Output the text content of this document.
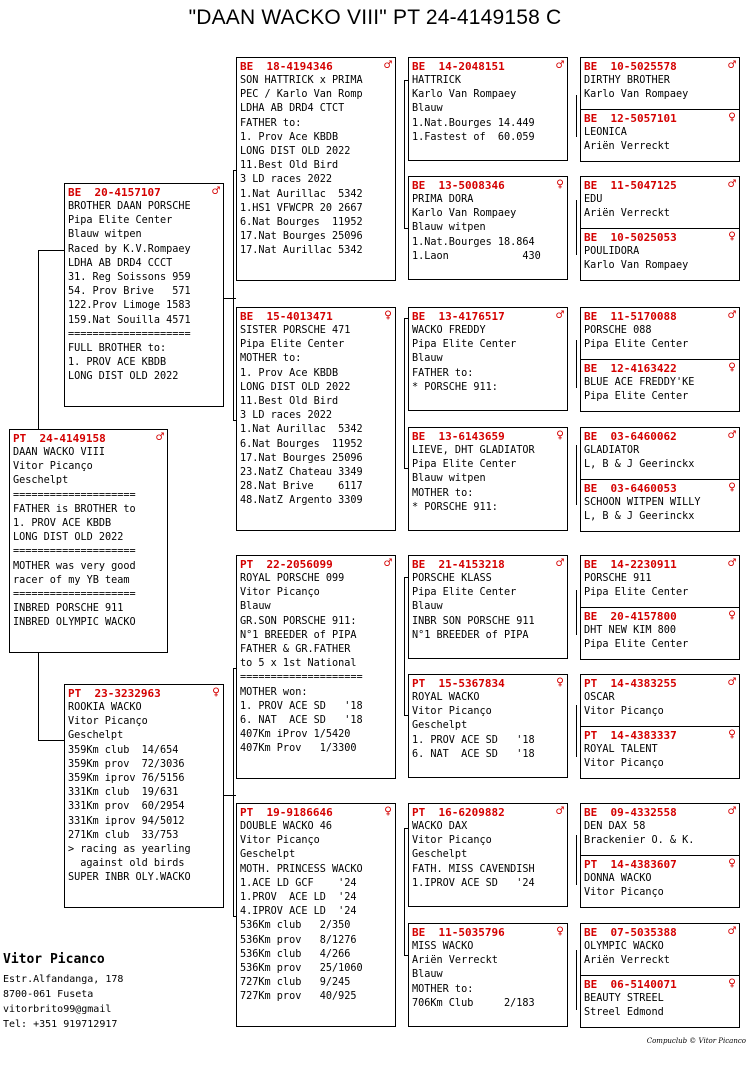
"DAAN WACKO VIII" PT 24-4149158 C
PT  24-4149158	♂
DAAN WACKO VIII
Vitor Picanço
Geschelpt
====================
FATHER is BROTHER to
1. PROV ACE KBDB
LONG DIST OLD 2022
====================
MOTHER was very good
racer of my YB team
====================
INBRED PORSCHE 911
INBRED OLYMPIC WACKO
BE  20-4157107	♂
BROTHER DAAN PORSCHE
Pipa Elite Center
Blauw witpen
Raced by K.V.Rompaey
LDHA AB DRD4 CCCT
31. Reg Soissons 959
54. Prov Brive   571
122.Prov Limoge 1583
159.Nat Souilla 4571
====================
FULL BROTHER to:
1. PROV ACE KBDB
LONG DIST OLD 2022
PT  23-3232963	♀
ROOKIA WACKO
Vitor Picanço
Geschelpt
359Km club  14/654
359Km prov  72/3036
359Km iprov 76/5156
331Km club  19/631
331Km prov  60/2954
331Km iprov 94/5012
271Km club  33/753
> racing as yearling
against old birds
SUPER INBR OLY.WACKO
BE  18-4194346	♂
SON HATTRICK x PRIMA
PEC / Karlo Van Romp
LDHA AB DRD4 CTCT
FATHER to:
1. Prov Ace KBDB
LONG DIST OLD 2022
11.Best Old Bird
3 LD races 2022
1.Nat Aurillac  5342
1.HS1 VFWCPR 20 2667
6.Nat Bourges  11952
17.Nat Bourges 25096
17.Nat Aurillac 5342
BE  15-4013471	♀
SISTER PORSCHE 471
Pipa Elite Center
MOTHER to:
1. Prov Ace KBDB
LONG DIST OLD 2022
11.Best Old Bird
3 LD races 2022
1.Nat Aurillac  5342
6.Nat Bourges  11952
17.Nat Bourges 25096
23.NatZ Chateau 3349
28.Nat Brive    6117
48.NatZ Argento 3309
PT  22-2056099	♂
ROYAL PORSCHE 099
Vitor Picanço
Blauw
GR.SON PORSCHE 911:
N°1 BREEDER of PIPA
FATHER & GR.FATHER
to 5 x 1st National
====================
MOTHER won:
1. PROV ACE SD   '18
6. NAT  ACE SD   '18
407Km iProv 1/5420
407Km Prov   1/3300
PT  19-9186646	♀
DOUBLE WACKO 46
Vitor Picanço
Geschelpt
MOTH. PRINCESS WACKO
1.ACE LD GCF    '24
1.PROV  ACE LD  '24
4.IPROV ACE LD  '24
536Km club   2/350
536Km prov   8/1276
536Km club   4/266
536Km prov   25/1060
727Km club   9/245
727Km prov   40/925
BE  14-2048151	♂
HATTRICK
Karlo Van Rompaey
Blauw
1.Nat.Bourges 14.449
1.Fastest of  60.059
BE  13-5008346	♀
PRIMA DORA
Karlo Van Rompaey
Blauw witpen
1.Nat.Bourges 18.864
1.Laon            430
BE  13-4176517	♂
WACKO FREDDY
Pipa Elite Center
Blauw
FATHER to:
* PORSCHE 911:
BE  13-6143659	♀
LIEVE, DHT GLADIATOR
Pipa Elite Center
Blauw witpen
MOTHER to:
* PORSCHE 911:
BE  21-4153218	♂
PORSCHE KLASS
Pipa Elite Center
Blauw
INBR SON PORSCHE 911
N°1 BREEDER of PIPA
PT  15-5367834	♀
ROYAL WACKO
Vitor Picanço
Geschelpt
1. PROV ACE SD   '18
6. NAT  ACE SD   '18
PT  16-6209882	♂
WACKO DAX
Vitor Picanço
Geschelpt
FATH. MISS CAVENDISH
1.IPROV ACE SD   '24
BE  11-5035796	♀
MISS WACKO
Ariën Verreckt
Blauw
MOTHER to:
706Km Club     2/183
BE  10-5025578	♂
DIRTHY BROTHER
Karlo Van Rompaey
BE  12-5057101	♀
LEONICA
Ariën Verreckt
BE  11-5047125	♂
EDU
Ariën Verreckt
BE  10-5025053	♀
POULIDORA
Karlo Van Rompaey
BE  11-5170088	♂
PORSCHE 088
Pipa Elite Center
BE  12-4163422	♀
BLUE ACE FREDDY'KE
Pipa Elite Center
BE  03-6460062	♂
GLADIATOR
L, B & J Geerinckx
BE  03-6460053	♀
SCHOON WITPEN WILLY
L, B & J Geerinckx
BE  14-2230911	♂
PORSCHE 911
Pipa Elite Center
BE  20-4157800	♀
DHT NEW KIM 800
Pipa Elite Center
PT  14-4383255	♂
OSCAR
Vitor Picanço
PT  14-4383337	♀
ROYAL TALENT
Vitor Picanço
BE  09-4332558	♂
DEN DAX 58
Brackenier O. & K.
PT  14-4383607	♀
DONNA WACKO
Vitor Picanço
BE  07-5035388	♂
OLYMPIC WACKO
Ariën Verreckt
BE  06-5140071	♀
BEAUTY STREEL
Streel Edmond
Vitor Picanco
Estr.Alfandanga, 178
8700-061 Fuseta
vitorbrito99@gmail
Tel: +351 919712917
Compuclub © Vitor Picanco
